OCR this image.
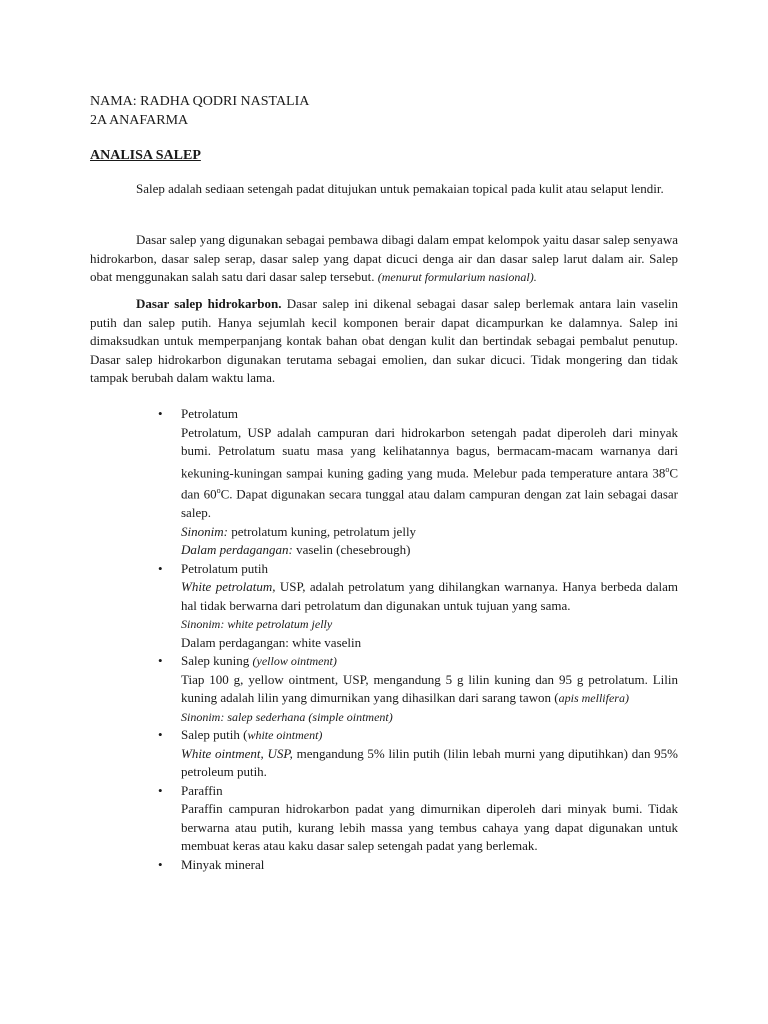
NAMA: RADHA QODRI NASTALIA
2A ANAFARMA
ANALISA SALEP

Salep adalah sediaan setengah padat ditujukan untuk pemakaian topical pada kulit atau selaput lendir.

Dasar salep yang digunakan sebagai pembawa dibagi dalam empat kelompok yaitu dasar salep senyawa hidrokarbon, dasar salep serap, dasar salep yang dapat dicuci denga air dan dasar salep larut dalam air. Salep obat menggunakan salah satu dari dasar salep tersebut. (menurut formularium nasional).

Dasar salep hidrokarbon. Dasar salep ini dikenal sebagai dasar salep berlemak antara lain vaselin putih dan salep putih. Hanya sejumlah kecil komponen berair dapat dicampurkan ke dalamnya. Salep ini dimaksudkan untuk memperpanjang kontak bahan obat dengan kulit dan bertindak sebagai pembalut penutup. Dasar salep hidrokarbon digunakan terutama sebagai emolien, dan sukar dicuci. Tidak mongering dan tidak tampak berubah dalam waktu lama.

• Petrolatum
Petrolatum, USP adalah campuran dari hidrokarbon setengah padat diperoleh dari minyak bumi. Petrolatum suatu masa yang kelihatannya bagus, bermacam-macam warnanya dari kekuning-kuningan sampai kuning gading yang muda. Melebur pada temperature antara 38$^o$C dan 60$^o$C. Dapat digunakan secara tunggal atau dalam campuran dengan zat lain sebagai dasar salep.
Sinonim: petrolatum kuning, petrolatum jelly
Dalam perdagangan: vaselin (chesebrough)
• Petrolatum putih
White petrolatum, USP, adalah petrolatum yang dihilangkan warnanya. Hanya berbeda dalam hal tidak berwarna dari petrolatum dan digunakan untuk tujuan yang sama.
Sinonim: white petrolatum jelly
Dalam perdagangan: white vaselin
• Salep kuning (yellow ointment)
Tiap 100 g, yellow ointment, USP, mengandung 5 g lilin kuning dan 95 g petrolatum. Lilin kuning adalah lilin yang dimurnikan yang dihasilkan dari sarang tawon (apis mellifera)
Sinonim: salep sederhana (simple ointment)
• Salep putih (white ointment)
White ointment, USP, mengandung 5% lilin putih (lilin lebah murni yang diputihkan) dan 95% petroleum putih.
• Paraffin
Paraffin campuran hidrokarbon padat yang dimurnikan diperoleh dari minyak bumi. Tidak berwarna atau putih, kurang lebih massa yang tembus cahaya yang dapat digunakan untuk membuat keras atau kaku dasar salep setengah padat yang berlemak.
• Minyak mineral
